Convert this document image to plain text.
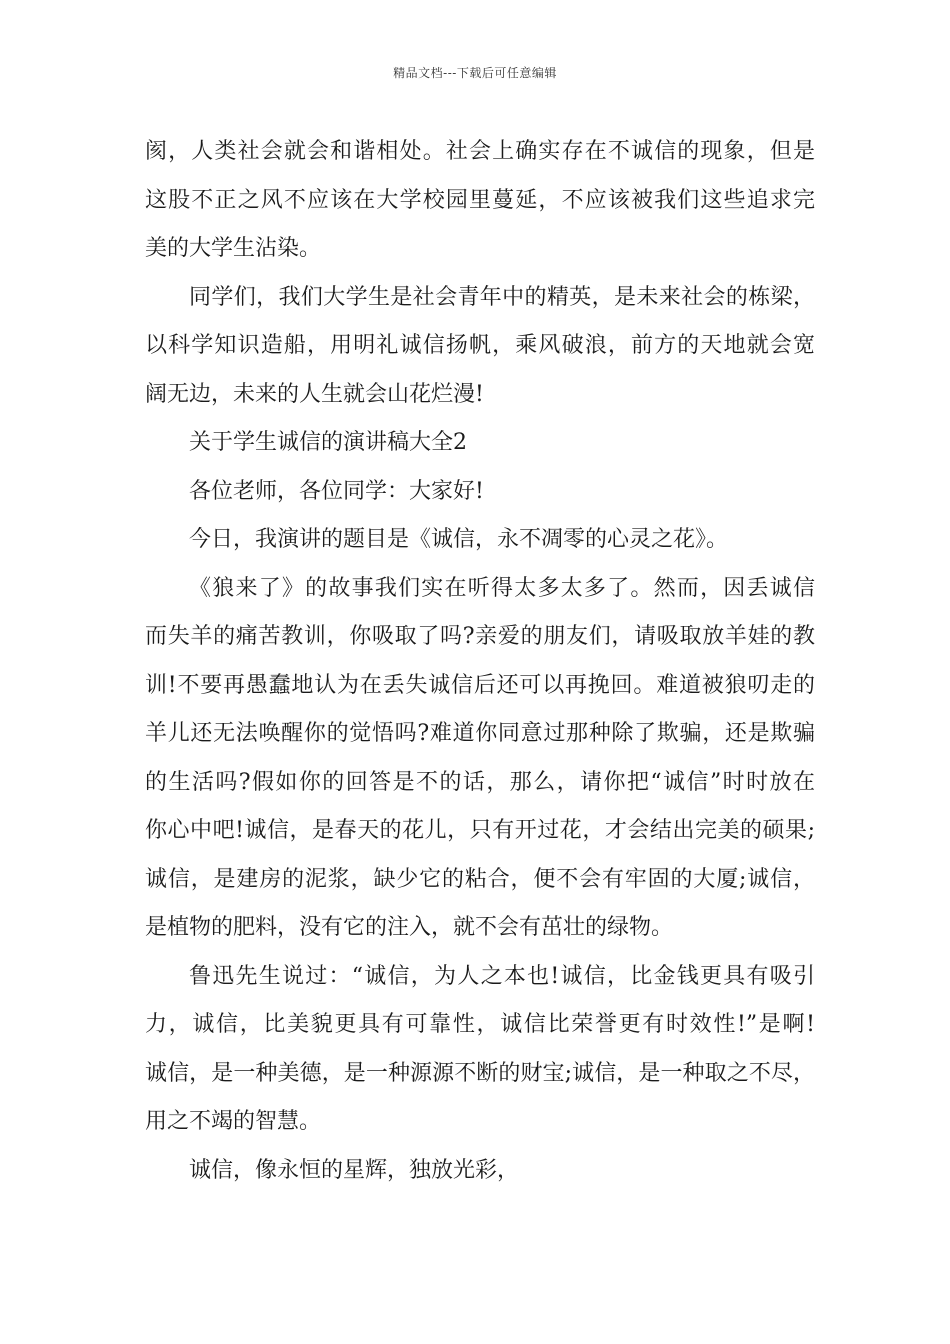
精品文档---下载后可任意编辑
阂，人类社会就会和谐相处。社会上确实存在不诚信的现象，但是
这股不正之风不应该在大学校园里蔓延，不应该被我们这些追求完
美的大学生沾染。
同学们，我们大学生是社会青年中的精英，是未来社会的栋梁，
以科学知识造船，用明礼诚信扬帆，乘风破浪，前方的天地就会宽
阔无边，未来的人生就会山花烂漫!
关于学生诚信的演讲稿大全2
各位老师，各位同学：大家好!
今日，我演讲的题目是《诚信，永不凋零的心灵之花》。
《狼来了》的故事我们实在听得太多太多了。然而，因丢诚信
而失羊的痛苦教训，你吸取了吗?亲爱的朋友们，请吸取放羊娃的教
训!不要再愚蠢地认为在丢失诚信后还可以再挽回。难道被狼叨走的
羊儿还无法唤醒你的觉悟吗?难道你同意过那种除了欺骗，还是欺骗
的生活吗?假如你的回答是不的话，那么，请你把“诚信”时时放在
你心中吧!诚信，是春天的花儿，只有开过花，才会结出完美的硕果;
诚信，是建房的泥浆，缺少它的粘合，便不会有牢固的大厦;诚信，
是植物的肥料，没有它的注入，就不会有茁壮的绿物。
鲁迅先生说过：“诚信，为人之本也!诚信，比金钱更具有吸引
力，诚信，比美貌更具有可靠性，诚信比荣誉更有时效性!”是啊!
诚信，是一种美德，是一种源源不断的财宝;诚信，是一种取之不尽，
用之不竭的智慧。
诚信，像永恒的星辉，独放光彩，
